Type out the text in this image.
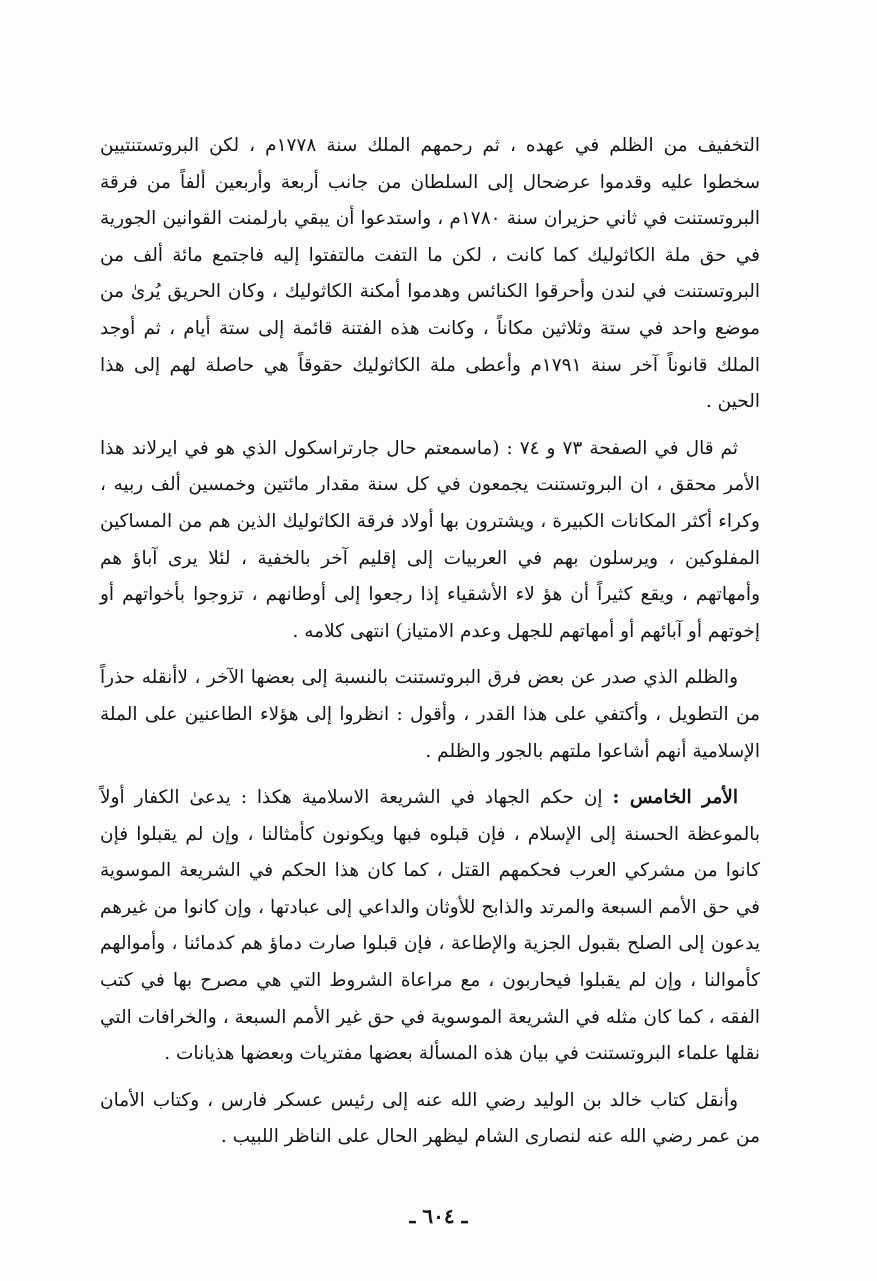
التخفيف من الظلم في عهده ، ثم رحمهم الملك سنة ١٧٧٨م ، لكن البروتستنتيين سخطوا عليه وقدموا عرضحال إلى السلطان من جانب أربعة وأربعين ألفاً من فرقة البروتستنت في ثاني حزيران سنة ١٧٨٠م ، واستدعوا أن يبقي بارلمنت القوانين الجورية في حق ملة الكاثوليك كما كانت ، لكن ما التفت مالتفتوا إليه فاجتمع مائة ألف من البروتستنت في لندن وأحرقوا الكنائس وهدموا أمكنة الكاثوليك ، وكان الحريق يُرىٰ من موضع واحد في ستة وثلاثين مكاناً ، وكانت هذه الفتنة قائمة إلى ستة أيام ، ثم أوجد الملك قانوناً آخر سنة ١٧٩١م وأعطى ملة الكاثوليك حقوقاً هي حاصلة لهم إلى هذا الحين .

ثم قال في الصفحة ٧٣ و ٧٤ : (ماسمعتم حال جارتراسكول الذي هو في ايرلاند هذا الأمر محقق ، ان البروتستنت يجمعون في كل سنة مقدار مائتين وخمسين ألف ربيه ، وكراء أكثر المكانات الكبيرة ، ويشترون بها أولاد فرقة الكاثوليك الذين هم من المساكين المفلوكين ، ويرسلون بهم في العربيات إلى إقليم آخر بالخفية ، لئلا يرى آباؤ هم وأمهاتهم ، ويقع كثيراً أن هؤ لاء الأشقياء إذا رجعوا إلى أوطانهم ، تزوجوا بأخواتهم أو إخوتهم أو آبائهم أو أمهاتهم للجهل وعدم الامتياز) انتهى كلامه .

والظلم الذي صدر عن بعض فرق البروتستنت بالنسبة إلى بعضها الآخر ، لاأنقله حذراً من التطويل ، وأكتفي على هذا القدر ، وأقول : انظروا إلى هؤلاء الطاعنين على الملة الإسلامية أنهم أشاعوا ملتهم بالجور والظلم .

الأمر الخامس : إن حكم الجهاد في الشريعة الاسلامية هكذا : يدعىٰ الكفار أولاً بالموعظة الحسنة إلى الإسلام ، فإن قبلوه فبها ويكونون كأمثالنا ، وإن لم يقبلوا فإن كانوا من مشركي العرب فحكمهم القتل ، كما كان هذا الحكم في الشريعة الموسوية في حق الأمم السبعة والمرتد والذابح للأوثان والداعي إلى عبادتها ، وإن كانوا من غيرهم يدعون إلى الصلح بقبول الجزية والإطاعة ، فإن قبلوا صارت دماؤ هم كدمائنا ، وأموالهم كأموالنا ، وإن لم يقبلوا فيحاربون ، مع مراعاة الشروط التي هي مصرح بها في كتب الفقه ، كما كان مثله في الشريعة الموسوية في حق غير الأمم السبعة ، والخرافات التي نقلها علماء البروتستنت في بيان هذه المسألة بعضها مفتريات وبعضها هذيانات .

وأنقل كتاب خالد بن الوليد رضي الله عنه إلى رئيس عسكر فارس ، وكتاب الأمان من عمر رضي الله عنه لنصارى الشام ليظهر الحال على الناظر اللبيب .

ـ ٦٠٤ ـ
